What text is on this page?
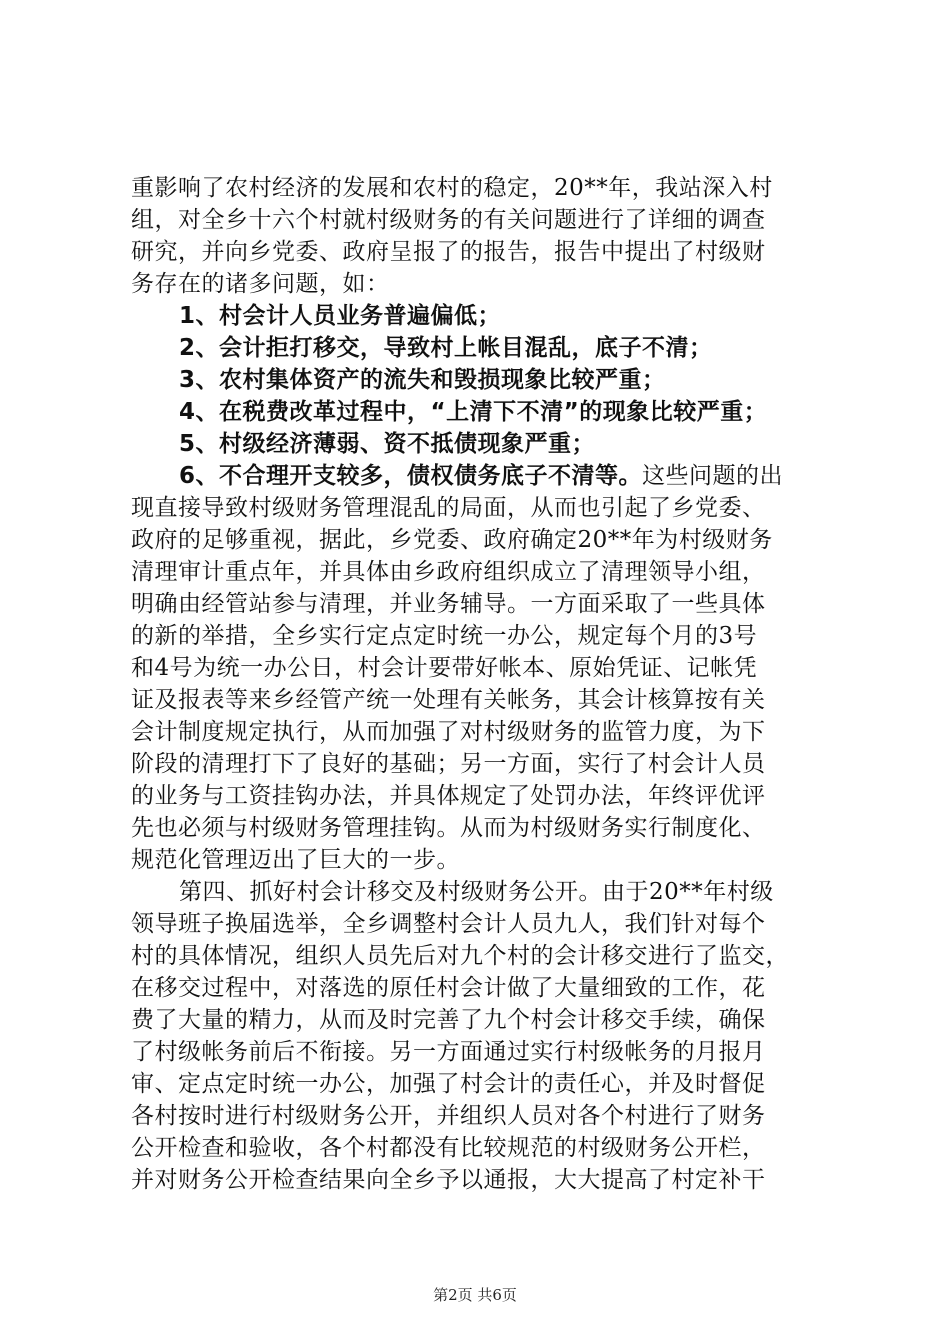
重影响了农村经济的发展和农村的稳定，20**年，我站深入村
组，对全乡十六个村就村级财务的有关问题进行了详细的调查
研究，并向乡党委、政府呈报了的报告，报告中提出了村级财
务存在的诸多问题，如：
1、村会计人员业务普遍偏低；
2、会计拒打移交，导致村上帐目混乱，底子不清；
3、农村集体资产的流失和毁损现象比较严重；
4、在税费改革过程中，“上清下不清”的现象比较严重；
5、村级经济薄弱、资不抵债现象严重；
6、不合理开支较多，债权债务底子不清等。这些问题的出
现直接导致村级财务管理混乱的局面，从而也引起了乡党委、
政府的足够重视，据此，乡党委、政府确定20**年为村级财务
清理审计重点年，并具体由乡政府组织成立了清理领导小组，
明确由经管站参与清理，并业务辅导。一方面采取了一些具体
的新的举措，全乡实行定点定时统一办公，规定每个月的3号
和4号为统一办公日，村会计要带好帐本、原始凭证、记帐凭
证及报表等来乡经管产统一处理有关帐务，其会计核算按有关
会计制度规定执行，从而加强了对村级财务的监管力度，为下
阶段的清理打下了良好的基础；另一方面，实行了村会计人员
的业务与工资挂钩办法，并具体规定了处罚办法，年终评优评
先也必须与村级财务管理挂钩。从而为村级财务实行制度化、
规范化管理迈出了巨大的一步。
第四、抓好村会计移交及村级财务公开。由于20**年村级
领导班子换届选举，全乡调整村会计人员九人，我们针对每个
村的具体情况，组织人员先后对九个村的会计移交进行了监交，
在移交过程中，对落选的原任村会计做了大量细致的工作，花
费了大量的精力，从而及时完善了九个村会计移交手续，确保
了村级帐务前后不衔接。另一方面通过实行村级帐务的月报月
审、定点定时统一办公，加强了村会计的责任心，并及时督促
各村按时进行村级财务公开，并组织人员对各个村进行了财务
公开检查和验收，各个村都没有比较规范的村级财务公开栏，
并对财务公开检查结果向全乡予以通报，大大提高了村定补干
第2页 共6页
